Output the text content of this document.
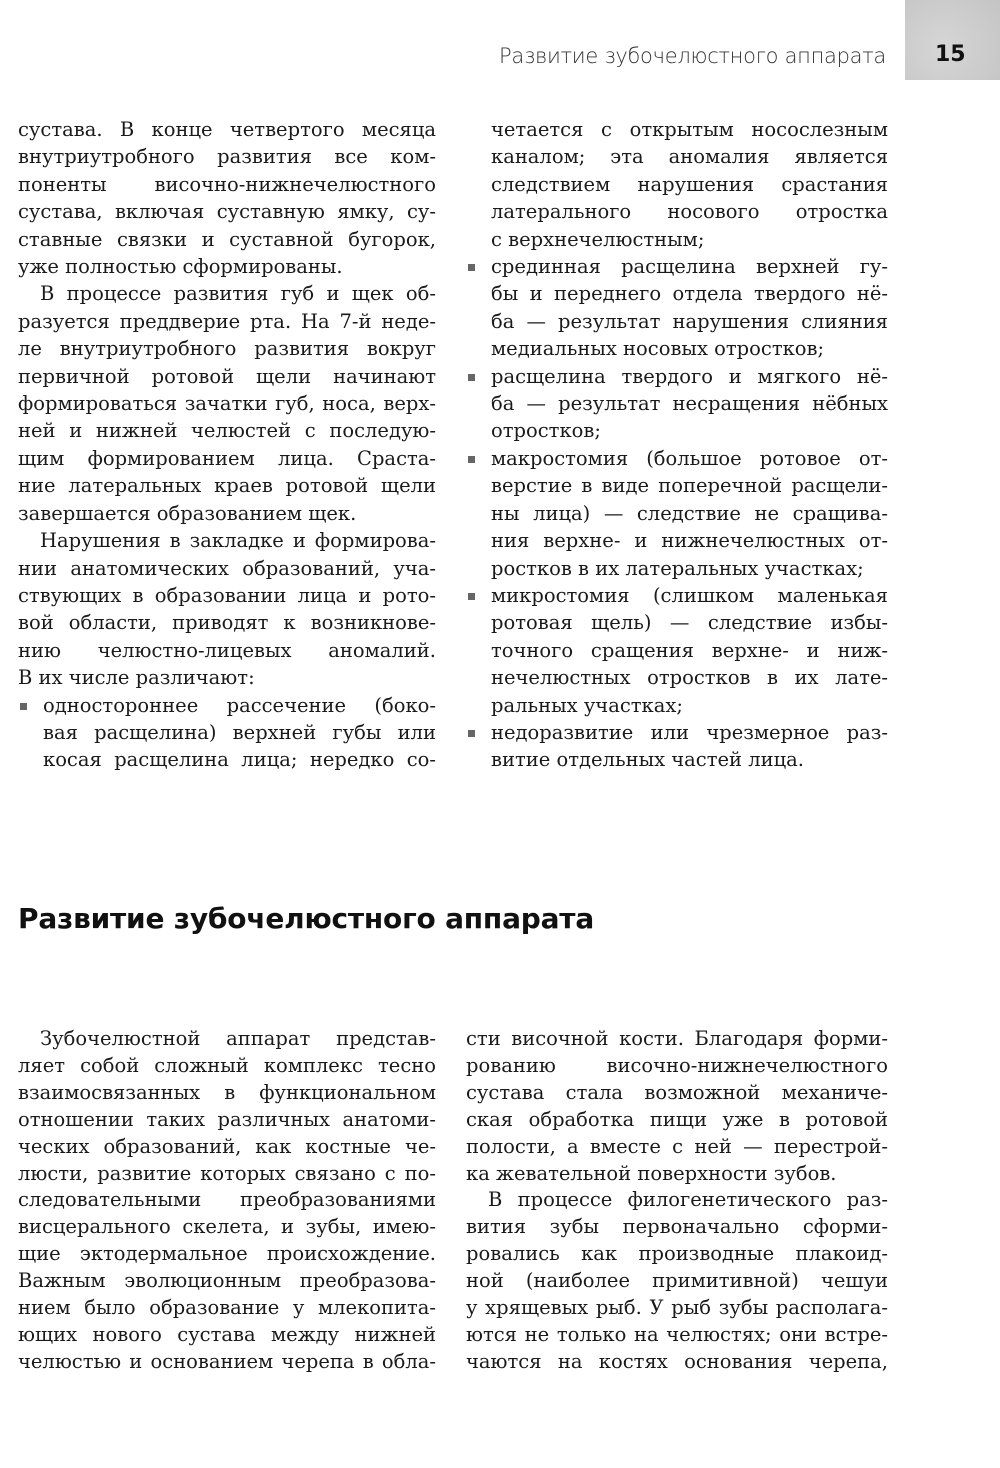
Развитие зубочелюстного аппарата 15
сустава. В конце четвертого месяца
внутриутробного развития все ком-
поненты височно-нижнечелюстного
сустава, включая суставную ямку, су-
ставные связки и суставной бугорок,
уже полностью сформированы.
В процессе развития губ и щек об-
разуется преддверие рта. На 7-й неде-
ле внутриутробного развития вокруг
первичной ротовой щели начинают
формироваться зачатки губ, носа, верх-
ней и нижней челюстей с последую-
щим формированием лица. Сраста-
ние латеральных краев ротовой щели
завершается образованием щек.
Нарушения в закладке и формирова-
нии анатомических образований, уча-
ствующих в образовании лица и рото-
вой области, приводят к возникнове-
нию челюстно-лицевых аномалий.
В их числе различают:
одностороннее рассечение (боко-
вая расщелина) верхней губы или
косая расщелина лица; нередко со-
четается с открытым носослезным
каналом; эта аномалия является
следствием нарушения срастания
латерального носового отростка
с верхнечелюстным;
срединная расщелина верхней гу-
бы и переднего отдела твердого нё-
ба — результат нарушения слияния
медиальных носовых отростков;
расщелина твердого и мягкого нё-
ба — результат несращения нёбных
отростков;
макростомия (большое ротовое от-
верстие в виде поперечной расщели-
ны лица) — следствие не сращива-
ния верхне- и нижнечелюстных от-
ростков в их латеральных участках;
микростомия (слишком маленькая
ротовая щель) — следствие избы-
точного сращения верхне- и ниж-
нечелюстных отростков в их лате-
ральных участках;
недоразвитие или чрезмерное раз-
витие отдельных частей лица.
Развитие зубочелюстного аппарата
Зубочелюстной аппарат представ-
ляет собой сложный комплекс тесно
взаимосвязанных в функциональном
отношении таких различных анатоми-
ческих образований, как костные че-
люсти, развитие которых связано с по-
следовательными преобразованиями
висцерального скелета, и зубы, имею-
щие эктодермальное происхождение.
Важным эволюционным преобразова-
нием было образование у млекопита-
ющих нового сустава между нижней
челюстью и основанием черепа в обла-
сти височной кости. Благодаря форми-
рованию височно-нижнечелюстного
сустава стала возможной механиче-
ская обработка пищи уже в ротовой
полости, а вместе с ней — перестрой-
ка жевательной поверхности зубов.
В процессе филогенетического раз-
вития зубы первоначально сформи-
ровались как производные плакоид-
ной (наиболее примитивной) чешуи
у хрящевых рыб. У рыб зубы располага-
ются не только на челюстях; они встре-
чаются на костях основания черепа,
